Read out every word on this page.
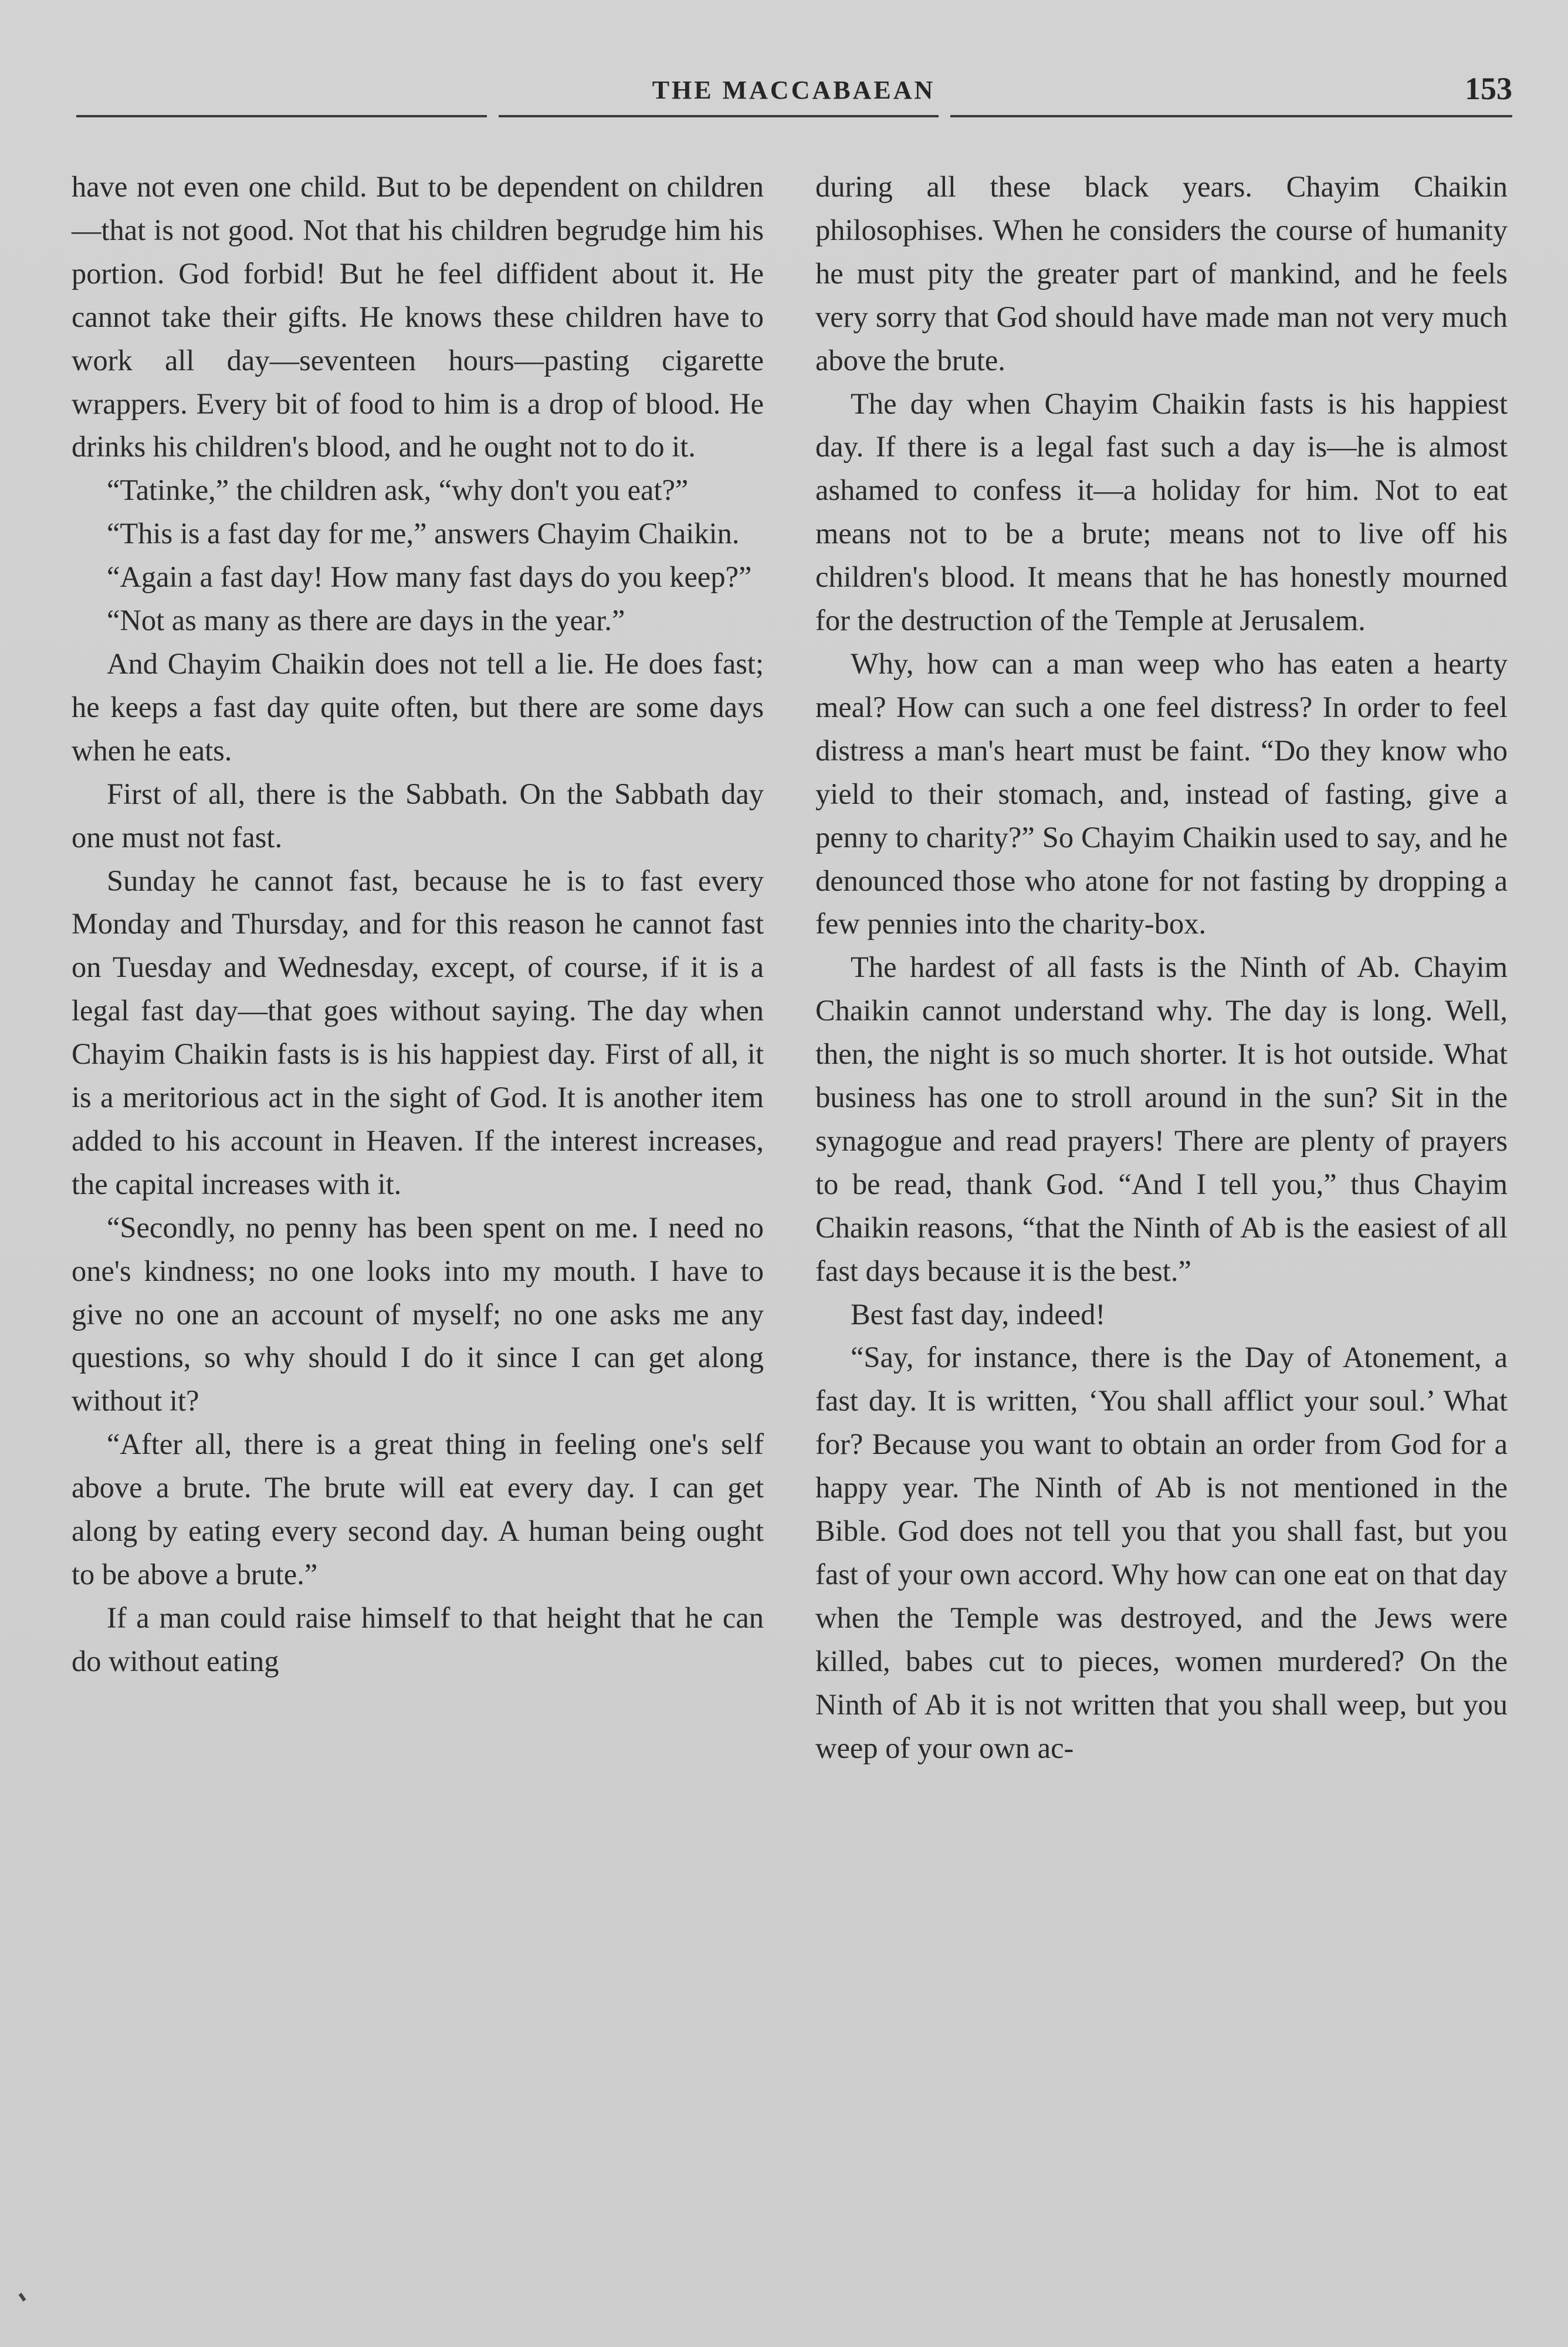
THE MACCABAEAN	153

have not even one child. But to be dependent on children—that is not good. Not that his children begrudge him his portion. God forbid! But he feel diffident about it. He cannot take their gifts. He knows these children have to work all day—seventeen hours—pasting cigarette wrappers. Every bit of food to him is a drop of blood. He drinks his children's blood, and he ought not to do it.

“Tatinke,” the children ask, “why don't you eat?”

“This is a fast day for me,” answers Chayim Chaikin.

“Again a fast day! How many fast days do you keep?”

“Not as many as there are days in the year.”

And Chayim Chaikin does not tell a lie. He does fast; he keeps a fast day quite often, but there are some days when he eats.

First of all, there is the Sabbath. On the Sabbath day one must not fast.

Sunday he cannot fast, because he is to fast every Monday and Thursday, and for this reason he cannot fast on Tuesday and Wednesday, except, of course, if it is a legal fast day—that goes without saying. The day when Chayim Chaikin fasts is is his happiest day. First of all, it is a meritorious act in the sight of God. It is another item added to his account in Heaven. If the interest increases, the capital increases with it.

“Secondly, no penny has been spent on me. I need no one's kindness; no one looks into my mouth. I have to give no one an account of myself; no one asks me any questions, so why should I do it since I can get along without it?

“After all, there is a great thing in feeling one's self above a brute. The brute will eat every day. I can get along by eating every second day. A human being ought to be above a brute.”

If a man could raise himself to that height that he can do without eating

during all these black years. Chayim Chaikin philosophises. When he considers the course of humanity he must pity the greater part of mankind, and he feels very sorry that God should have made man not very much above the brute.

The day when Chayim Chaikin fasts is his happiest day. If there is a legal fast such a day is—he is almost ashamed to confess it—a holiday for him. Not to eat means not to be a brute; means not to live off his children's blood. It means that he has honestly mourned for the destruction of the Temple at Jerusalem.

Why, how can a man weep who has eaten a hearty meal? How can such a one feel distress? In order to feel distress a man's heart must be faint. “Do they know who yield to their stomach, and, instead of fasting, give a penny to charity?” So Chayim Chaikin used to say, and he denounced those who atone for not fasting by dropping a few pennies into the charity-box.

The hardest of all fasts is the Ninth of Ab. Chayim Chaikin cannot understand why. The day is long. Well, then, the night is so much shorter. It is hot outside. What business has one to stroll around in the sun? Sit in the synagogue and read prayers! There are plenty of prayers to be read, thank God. “And I tell you,” thus Chayim Chaikin reasons, “that the Ninth of Ab is the easiest of all fast days because it is the best.”

Best fast day, indeed!

“Say, for instance, there is the Day of Atonement, a fast day. It is written, ‘You shall afflict your soul.’ What for? Because you want to obtain an order from God for a happy year. The Ninth of Ab is not mentioned in the Bible. God does not tell you that you shall fast, but you fast of your own accord. Why how can one eat on that day when the Temple was destroyed, and the Jews were killed, babes cut to pieces, women murdered? On the Ninth of Ab it is not written that you shall weep, but you weep of your own ac-
